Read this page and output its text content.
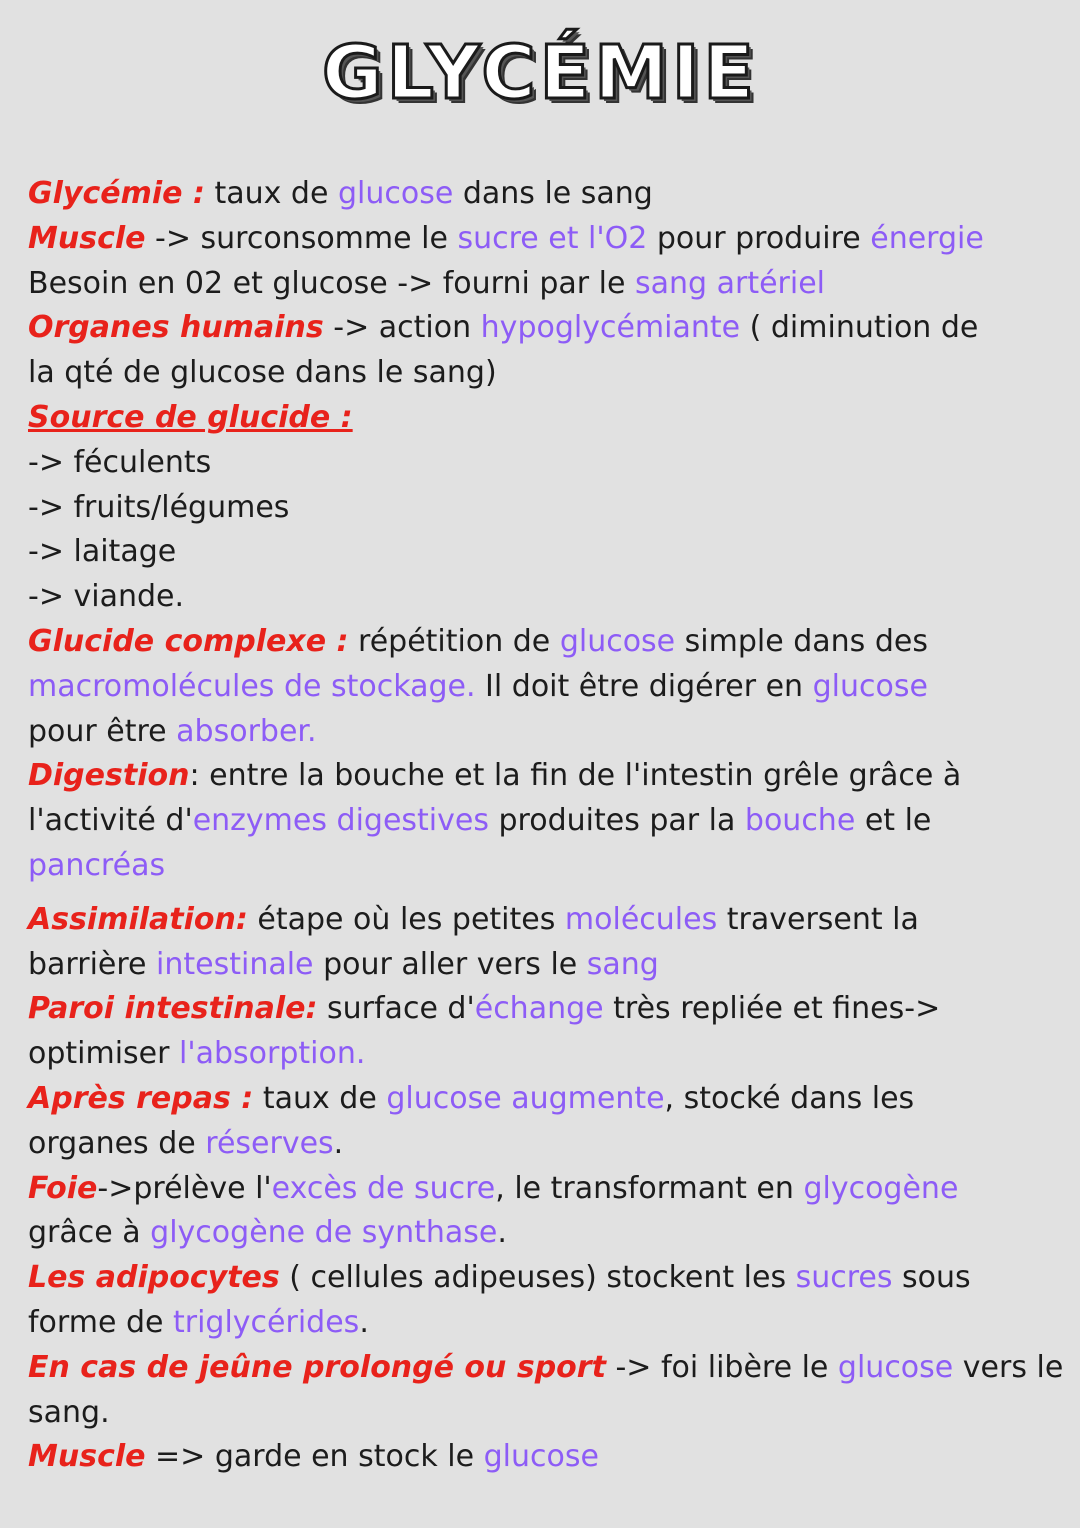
GLYCÉMIE
Glycémie : taux de glucose dans le sang
Muscle -> surconsomme le sucre et l'O2 pour produire énergie
Besoin en 02 et glucose -> fourni par le sang artériel
Organes humains -> action hypoglycémiante ( diminution de
la qté de glucose dans le sang)
Source de glucide :
-> féculents
-> fruits/légumes
-> laitage
-> viande.
Glucide complexe : répétition de glucose simple dans des
macromolécules de stockage. Il doit être digérer en glucose
pour être absorber.
Digestion: entre la bouche et la fin de l'intestin grêle grâce à
l'activité d'enzymes digestives produites par la bouche et le
pancréas
Assimilation: étape où les petites molécules traversent la
barrière intestinale pour aller vers le sang
Paroi intestinale: surface d'échange très repliée et fines->
optimiser l'absorption.
Après repas : taux de glucose augmente, stocké dans les
organes de réserves.
Foie->prélève l'excès de sucre, le transformant en glycogène
grâce à glycogène de synthase.
Les adipocytes ( cellules adipeuses) stockent les sucres sous
forme de triglycérides.
En cas de jeûne prolongé ou sport -> foi libère le glucose vers le
sang.
Muscle => garde en stock le glucose
